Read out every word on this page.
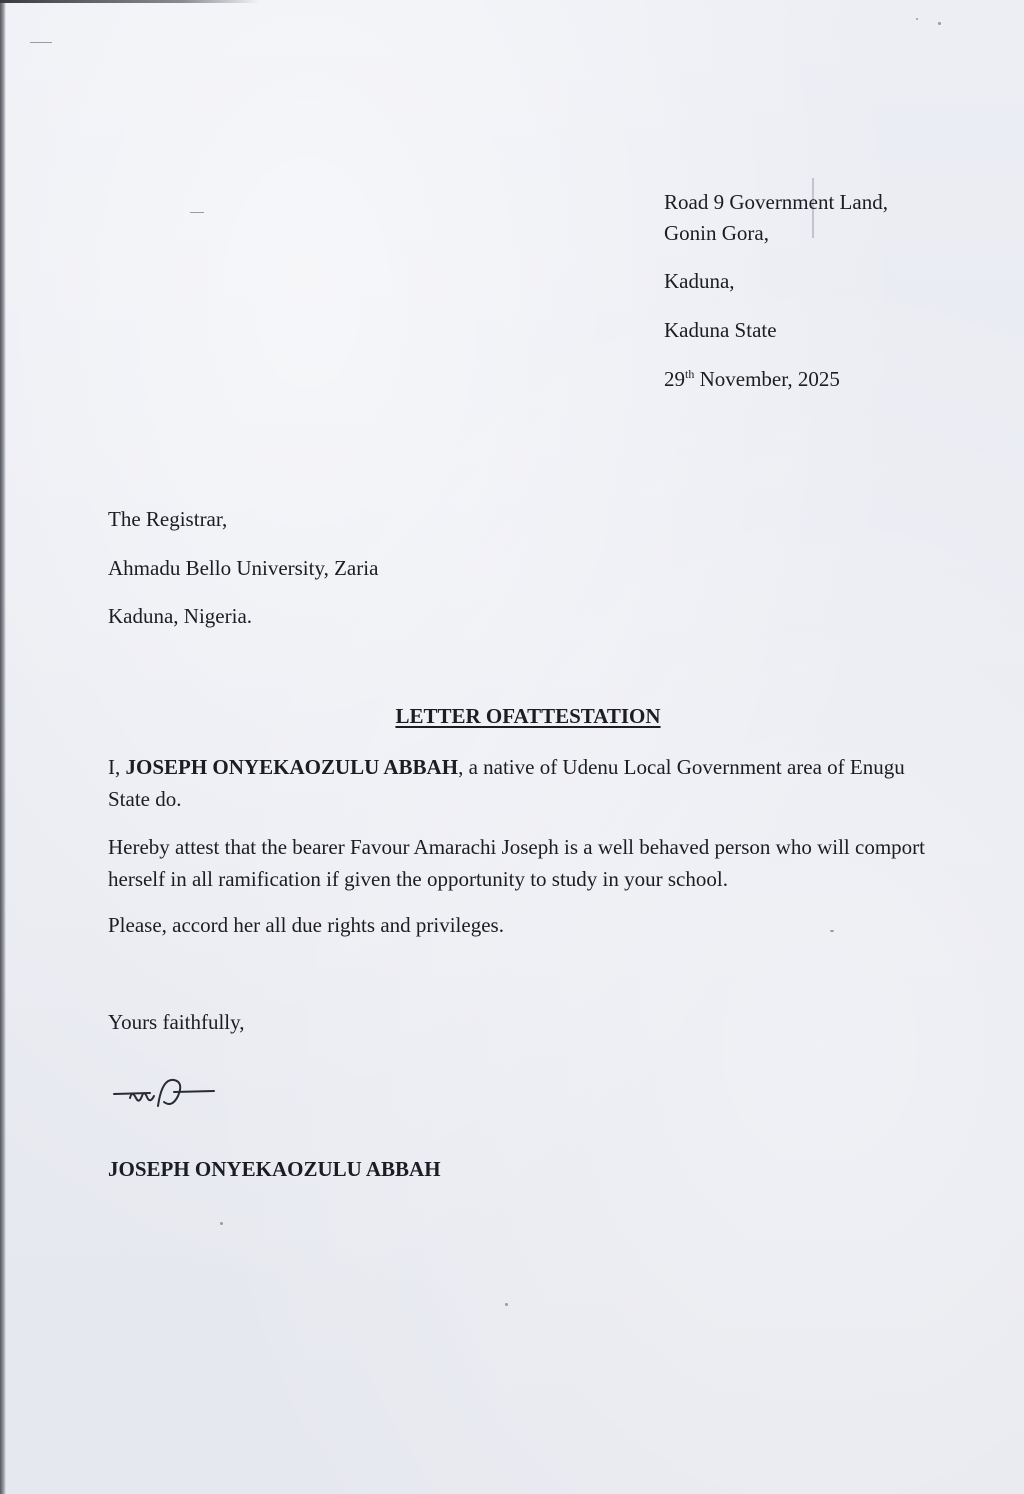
Road 9 Government Land,
Gonin Gora,
Kaduna,
Kaduna State
29th November, 2025
The Registrar,
Ahmadu Bello University, Zaria
Kaduna, Nigeria.
LETTER OFATTESTATION
I, JOSEPH ONYEKAOZULU ABBAH, a native of Udenu Local Government area of Enugu State do.
Hereby attest that the bearer Favour Amarachi Joseph is a well behaved person who will comport herself in all ramification if given the opportunity to study in your school.
Please, accord her all due rights and privileges.
Yours faithfully,
JOSEPH ONYEKAOZULU ABBAH
